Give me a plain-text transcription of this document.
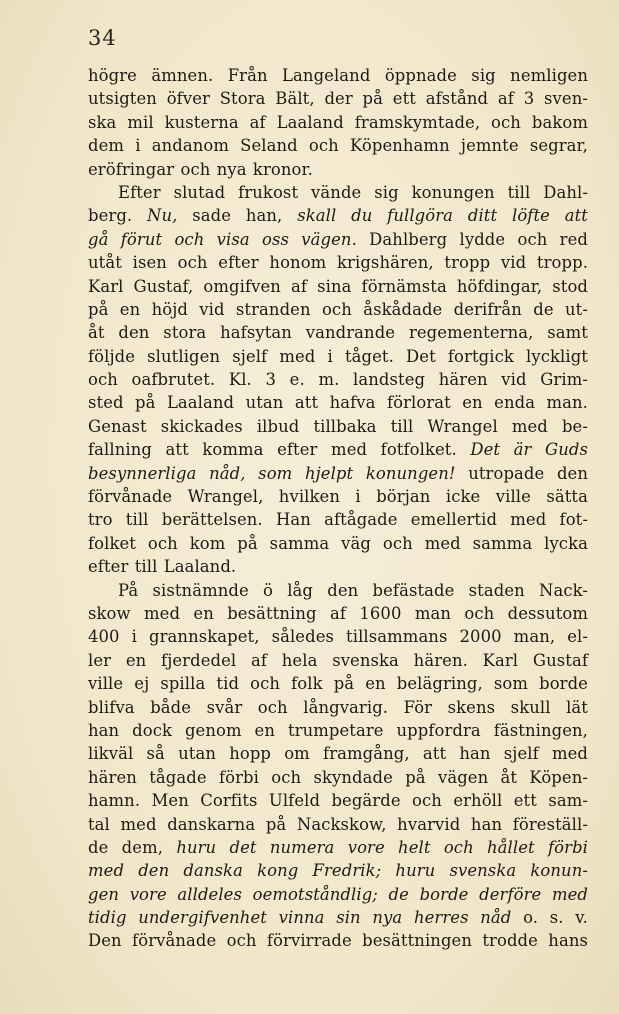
34
högre ämnen. Från Langeland öppnade sig nemligen
utsigten öfver Stora Bält, der på ett afstånd af 3 sven-
ska mil kusterna af Laaland framskymtade, och bakom
dem i andanom Seland och Köpenhamn jemnte segrar,
eröfringar och nya kronor.
Efter slutad frukost vände sig konungen till Dahl-
berg. Nu, sade han, skall du fullgöra ditt löfte att
gå förut och visa oss vägen. Dahlberg lydde och red
utåt isen och efter honom krigshären, tropp vid tropp.
Karl Gustaf, omgifven af sina förnämsta höfdingar, stod
på en höjd vid stranden och åskådade derifrån de ut-
åt den stora hafsytan vandrande regementerna, samt
följde slutligen sjelf med i tåget. Det fortgick lyckligt
och oafbrutet. Kl. 3 e. m. landsteg hären vid Grim-
sted på Laaland utan att hafva förlorat en enda man.
Genast skickades ilbud tillbaka till Wrangel med be-
fallning att komma efter med fotfolket. Det är Guds
besynnerliga nåd, som hjelpt konungen! utropade den
förvånade Wrangel, hvilken i början icke ville sätta
tro till berättelsen. Han aftågade emellertid med fot-
folket och kom på samma väg och med samma lycka
efter till Laaland.
På sistnämnde ö låg den befästade staden Nack-
skow med en besättning af 1600 man och dessutom
400 i grannskapet, således tillsammans 2000 man, el-
ler en fjerdedel af hela svenska hären. Karl Gustaf
ville ej spilla tid och folk på en belägring, som borde
blifva både svår och långvarig. För skens skull lät
han dock genom en trumpetare uppfordra fästningen,
likväl så utan hopp om framgång, att han sjelf med
hären tågade förbi och skyndade på vägen åt Köpen-
hamn. Men Corfits Ulfeld begärde och erhöll ett sam-
tal med danskarna på Nackskow, hvarvid han föreställ-
de dem, huru det numera vore helt och hållet förbi
med den danska kong Fredrik; huru svenska konun-
gen vore alldeles oemotståndlig; de borde derföre med
tidig undergifvenhet vinna sin nya herres nåd o. s. v.
Den förvånade och förvirrade besättningen trodde hans
